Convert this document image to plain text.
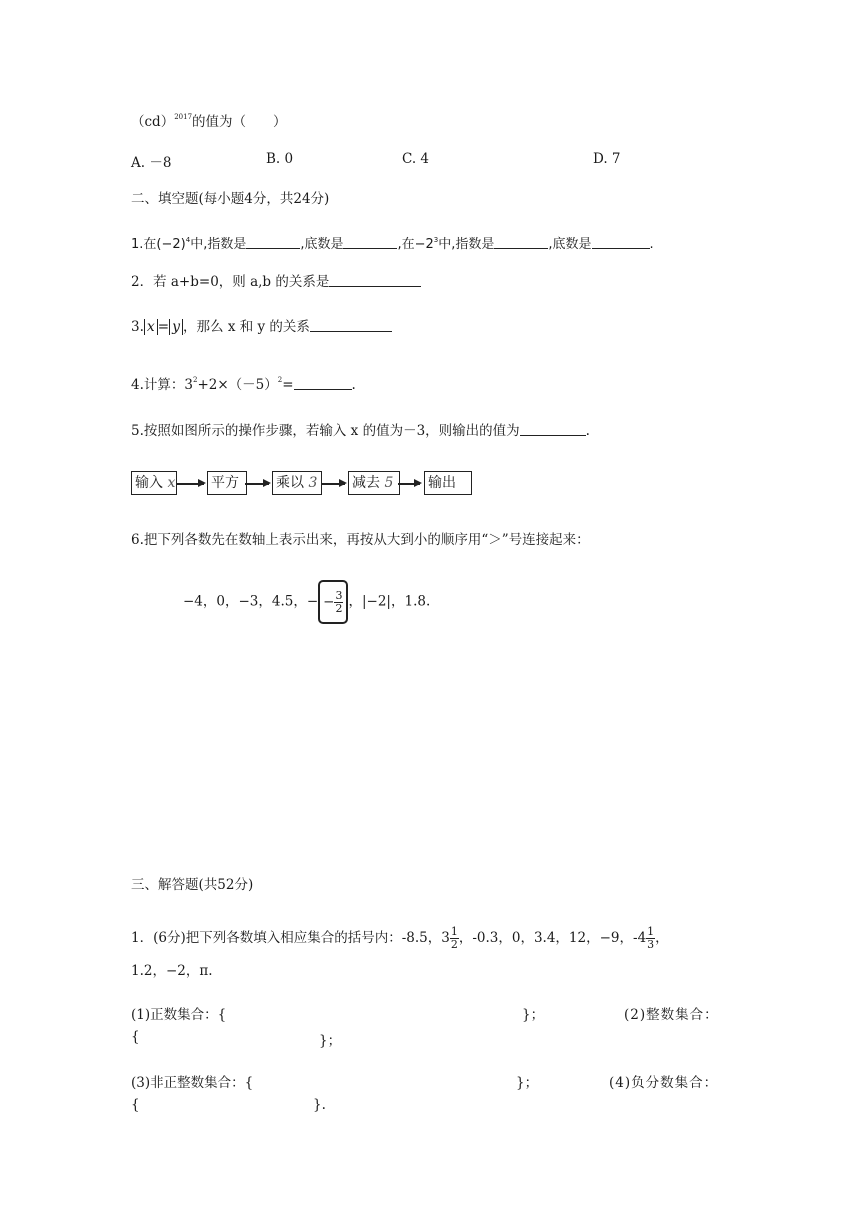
（cd）$^{2017}$的值为（　　）
A. －8	B. 0	C. 4	D. 7
二、填空题(每小题4分，共24分)
1.在$(-2)^4$中,指数是	,底数是	,在$-2^3$中,指数是	,底数是	.
2．若 a+b=0，则 a,b 的关系是
3. x = y ，那么 x 和 y 的关系
4.计算：$3^2+2\times(-5)^2=$	.
5.按照如图所示的操作步骤，若输入 x 的值为－3，则输出的值为	.
输入 x	平方	乘以 3	减去 5	输出
6.把下列各数先在数轴上表示出来，再按从大到小的顺序用“＞”号连接起来：
−4，0，−3，4.5，− − $\frac{3}{2}$ ，|−2|，1.8.
三、解答题(共52分)
1．(6分)把下列各数填入相应集合的括号内：-8.5，$3 \frac{1}{2}$ ，-0.3，0，3.4，12，−9，$-4 \frac{1}{3}$ ，
1.2，−2，π.
(1)正数集合：{	}；	(2)整数集合：
{	}；
(3)非正整数集合：{	}；	(4)负分数集合：
{	}.
